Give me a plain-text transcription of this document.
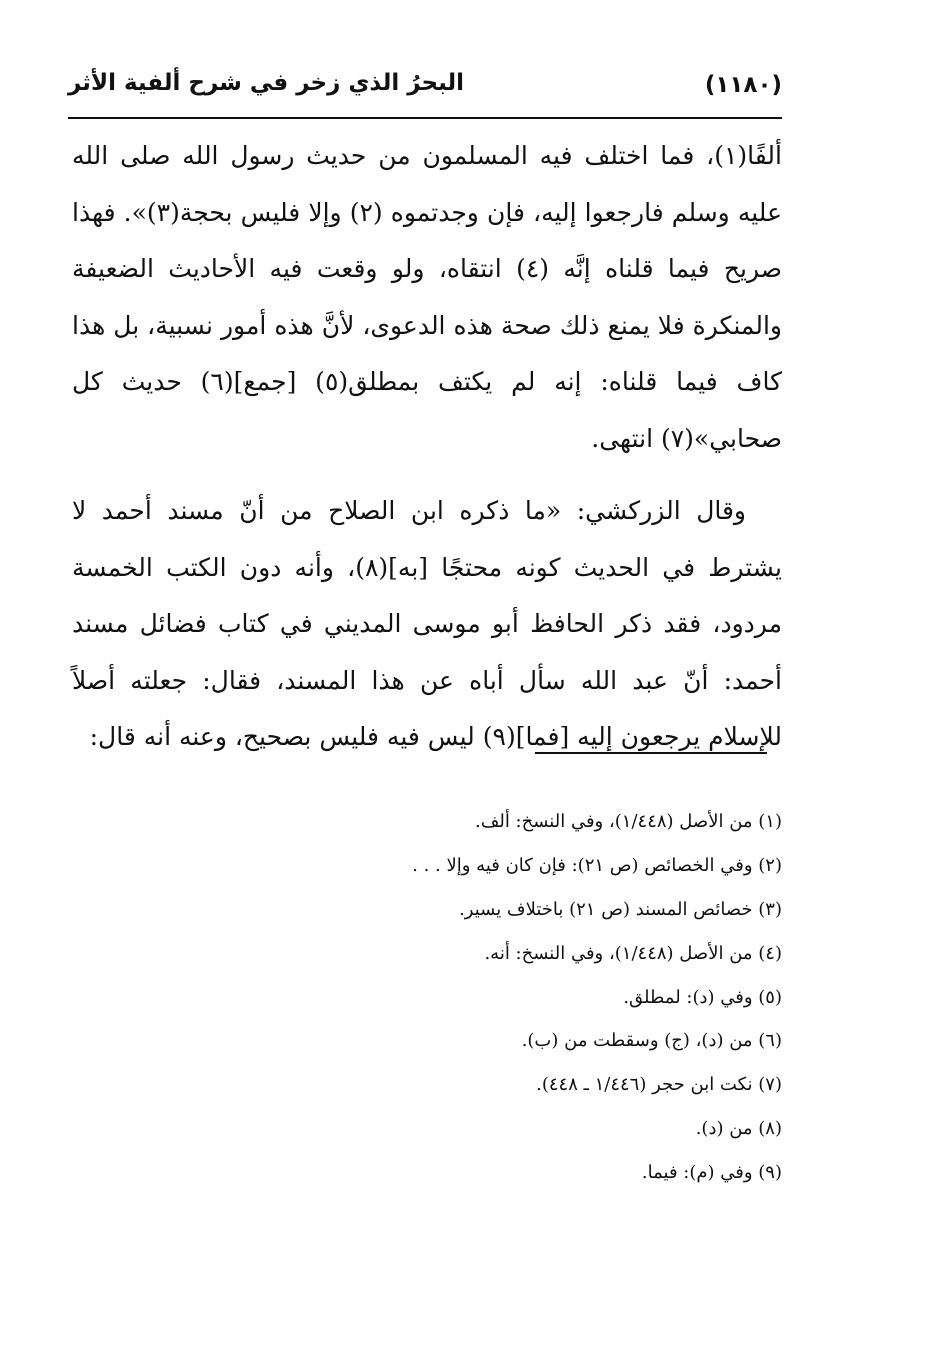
(١١٨٠)
البحرُ الذي زخر في شرح ألفية الأثر

ألفًا(١)، فما اختلف فيه المسلمون من حديث رسول الله صلى الله عليه وسلم فارجعوا إليه، فإن وجدتموه (٢) وإلا فليس بحجة(٣)». فهذا صريح فيما قلناه إنَّه (٤) انتقاه، ولو وقعت فيه الأحاديث الضعيفة والمنكرة فلا يمنع ذلك صحة هذه الدعوى، لأنَّ هذه أمور نسبية، بل هذا كاف فيما قلناه: إنه لم يكتف بمطلق(٥) [جمع](٦) حديث كل صحابي»(٧) انتهى.

وقال الزركشي: «ما ذكره ابن الصلاح من أنّ مسند أحمد لا يشترط في الحديث كونه محتجًا [به](٨)، وأنه دون الكتب الخمسة مردود، فقد ذكر الحافظ أبو موسى المديني في كتاب فضائل مسند أحمد: أنّ عبد الله سأل أباه عن هذا المسند، فقال: جعلته أصلاً للإسلام يرجعون إليه [فما](٩) ليس فيه فليس بصحيح، وعنه أنه قال:

(١) من الأصل (١/٤٤٨)، وفي النسخ: ألف.
(٢) وفي الخصائص (ص ٢١): فإن كان فيه وإلا . . .
(٣) خصائص المسند (ص ٢١) باختلاف يسير.
(٤) من الأصل (١/٤٤٨)، وفي النسخ: أنه.
(٥) وفي (د): لمطلق.
(٦) من (د)، (ج) وسقطت من (ب).
(٧) نكت ابن حجر (١/٤٤٦ ـ ٤٤٨).
(٨) من (د).
(٩) وفي (م): فيما.
